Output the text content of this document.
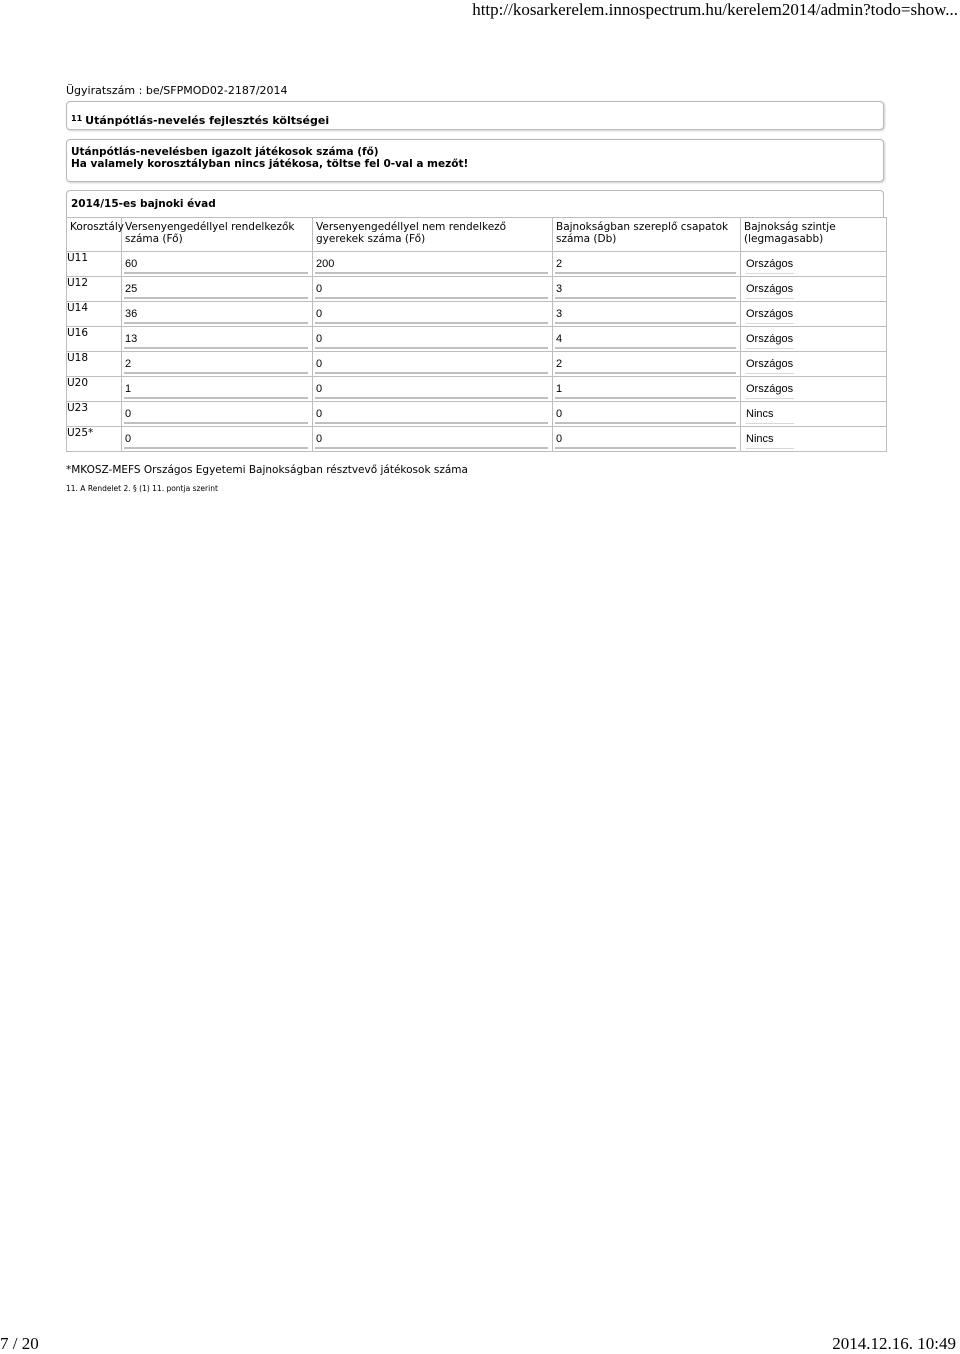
http://kosarkerelem.innospectrum.hu/kerelem2014/admin?todo=show...
Ügyiratszám : be/SFPMOD02-2187/2014
$^{11}$ Utánpótlás-nevelés fejlesztés költségei
Utánpótlás-nevelésben igazolt játékosok száma (fő)
Ha valamely korosztályban nincs játékosa, töltse fel 0-val a mezőt!
2014/15-es bajnoki évad
Korosztály	Versenyengedéllyel rendelkezők száma (Fő)	Versenyengedéllyel nem rendelkező gyerekek száma (Fő)	Bajnokságban szereplő csapatok száma (Db)	Bajnokság szintje (legmagasabb)
U11	60	200	2	Országos

U12	25	0	3	Országos

U14	36	0	3	Országos

U16	13	0	4	Országos

U18	2	0	2	Országos

U20	1	0	1	Országos

U23	0	0	0	Nincs

U25*	0	0	0	Nincs
*MKOSZ-MEFS Országos Egyetemi Bajnokságban résztvevő játékosok száma
11. A Rendelet 2. § (1) 11. pontja szerint
7 / 20	2014.12.16. 10:49
